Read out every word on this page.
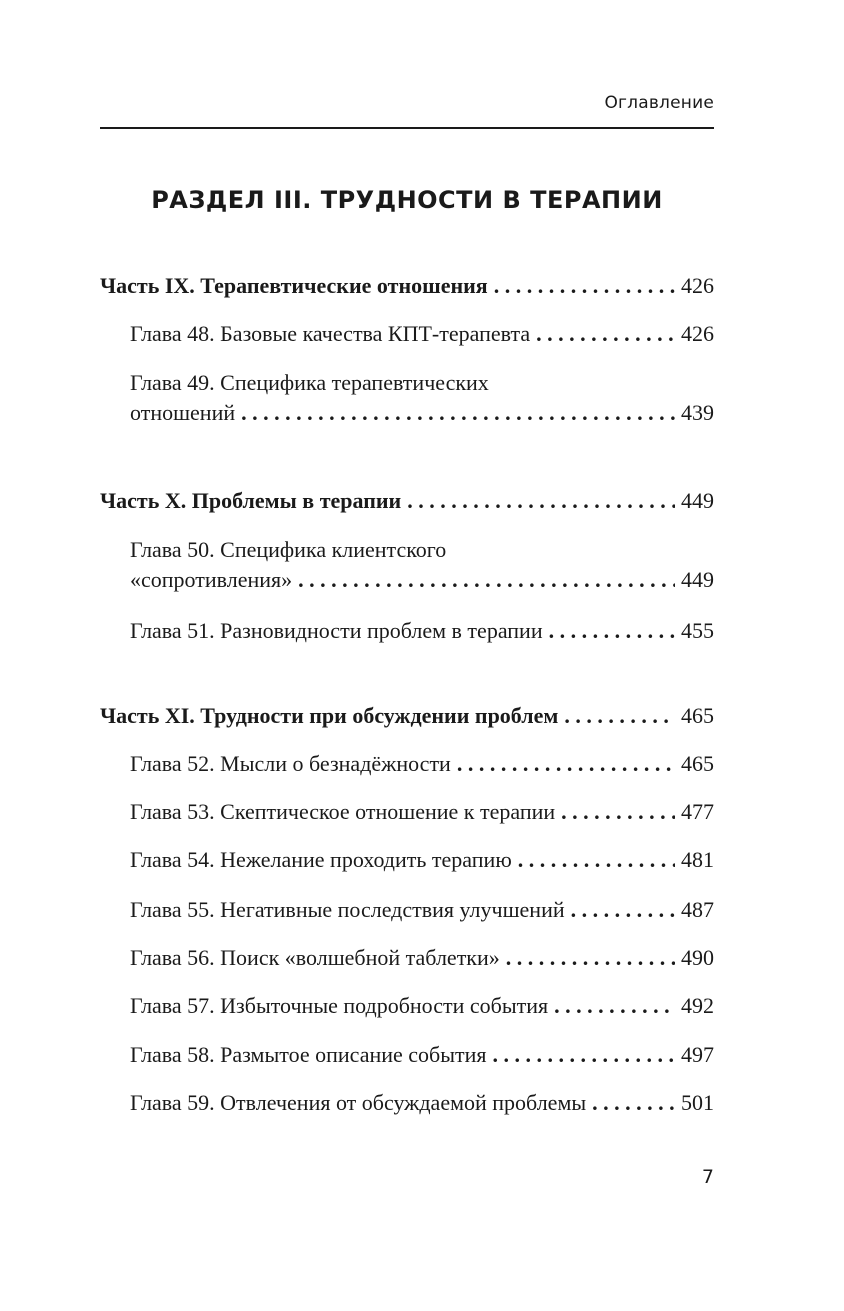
Оглавление
РАЗДЕЛ III. ТРУДНОСТИ В ТЕРАПИИ
Часть IX. Терапевтические отношения . . .	426
Глава 48. Базовые качества КПТ-терапевта . . .	426
Глава 49. Специфика терапевтических
отношений . . .	439
Часть X. Проблемы в терапии . . .	449
Глава 50. Специфика клиентского
«сопротивления» . . .	449
Глава 51. Разновидности проблем в терапии . . .	455
Часть XI. Трудности при обсуждении проблем . . .	465
Глава 52. Мысли о безнадёжности . . .	465
Глава 53. Скептическое отношение к терапии . . .	477
Глава 54. Нежелание проходить терапию . . .	481
Глава 55. Негативные последствия улучшений . . .	487
Глава 56. Поиск «волшебной таблетки» . . .	490
Глава 57. Избыточные подробности события . . .	492
Глава 58. Размытое описание события . . .	497
Глава 59. Отвлечения от обсуждаемой проблемы . . .	501
7
